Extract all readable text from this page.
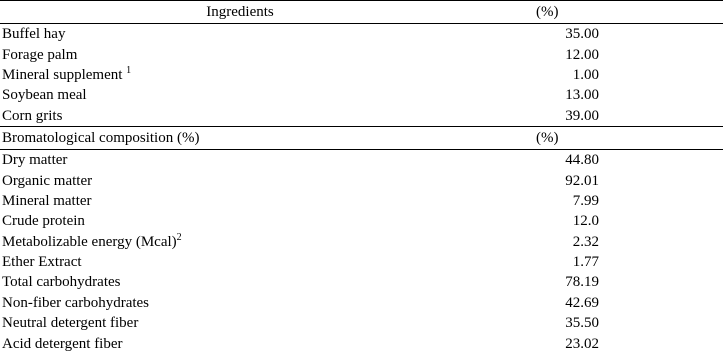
Ingredients	(%)
Buffel hay	35.00
Forage palm	12.00
Mineral supplement $^1$	1.00
Soybean meal	13.00
Corn grits	39.00
Bromatological composition (%)	(%)
Dry matter	44.80
Organic matter	92.01
Mineral matter	7.99
Crude protein	12.0
Metabolizable energy (Mcal)$^2$	2.32
Ether Extract	1.77
Total carbohydrates	78.19
Non-fiber carbohydrates	42.69
Neutral detergent fiber	35.50
Acid detergent fiber	23.02
